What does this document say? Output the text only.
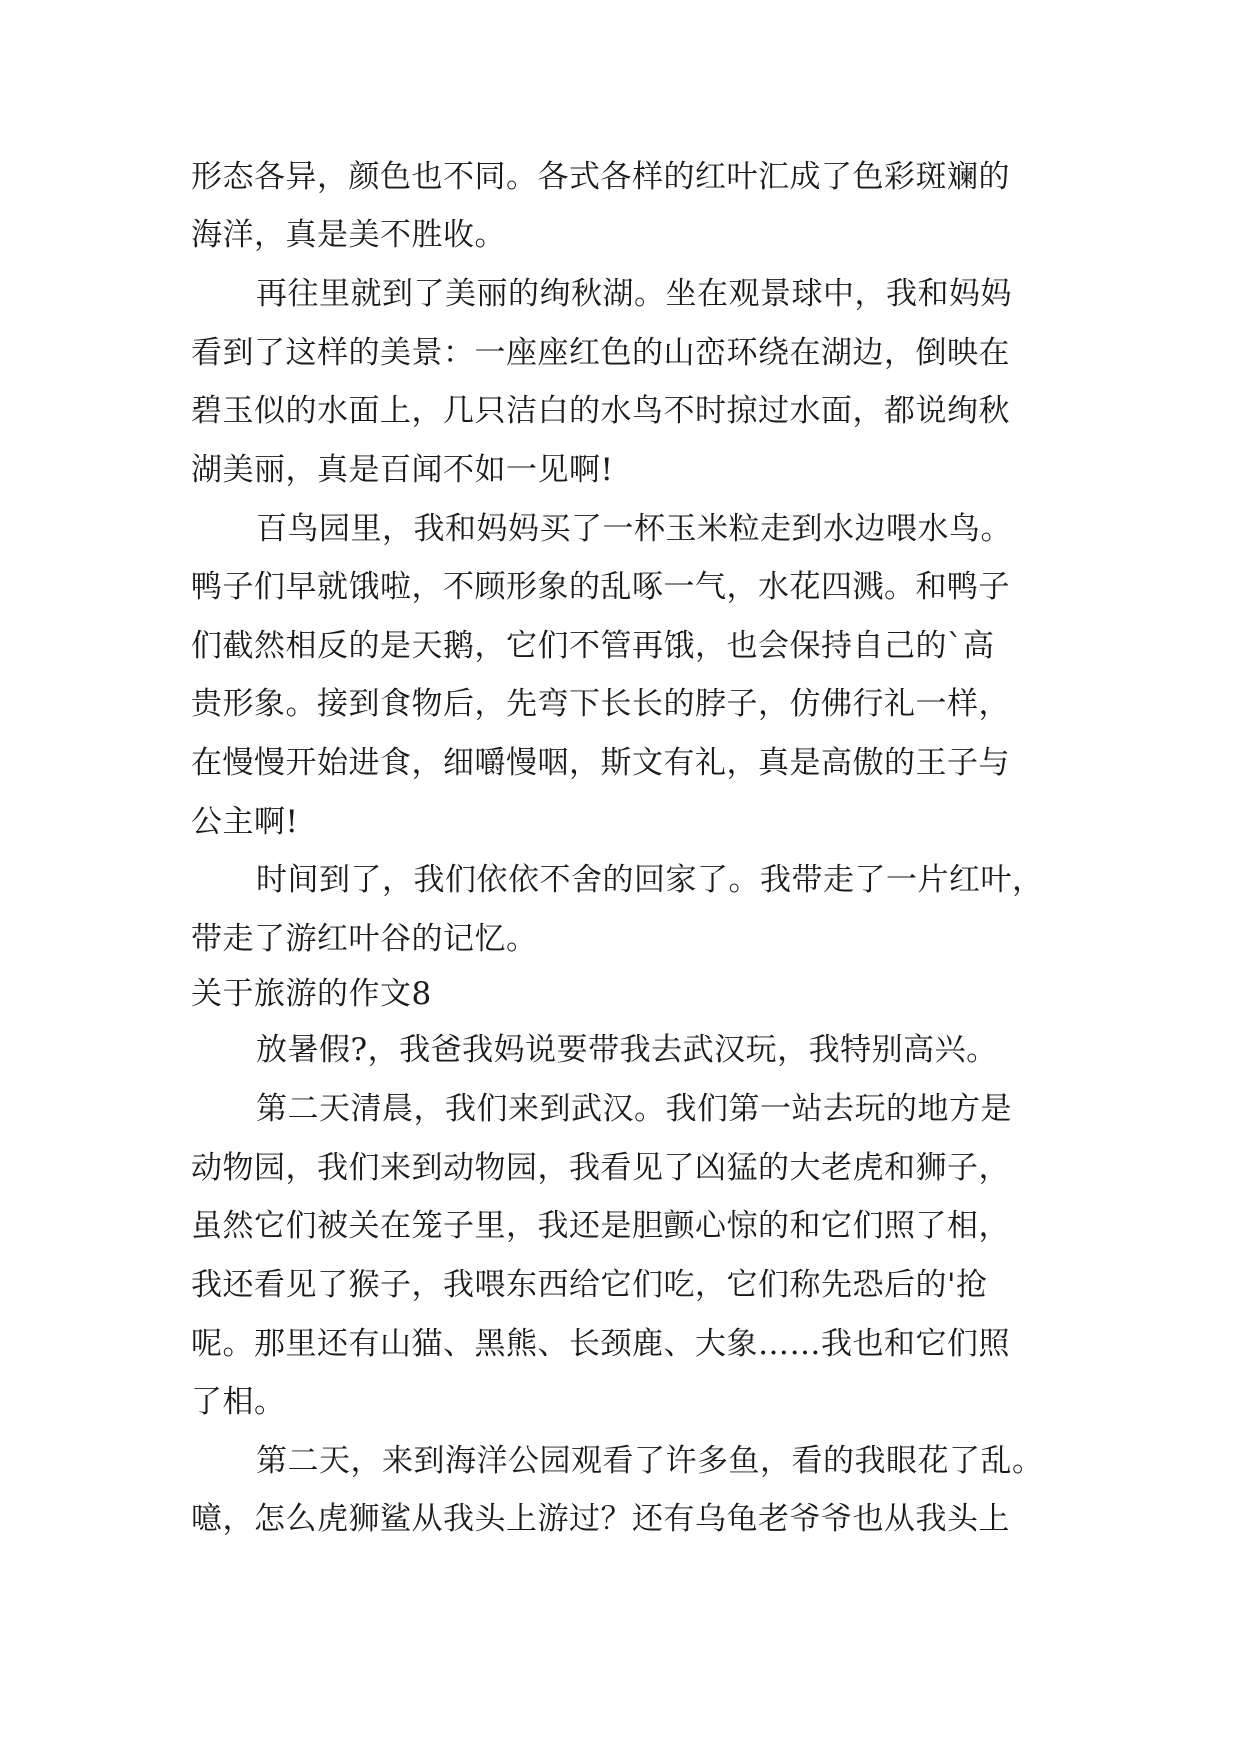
形态各异，颜色也不同。各式各样的红叶汇成了色彩斑斓的
海洋，真是美不胜收。
再往里就到了美丽的绚秋湖。坐在观景球中，我和妈妈
看到了这样的美景：一座座红色的山峦环绕在湖边，倒映在
碧玉似的水面上，几只洁白的水鸟不时掠过水面，都说绚秋
湖美丽，真是百闻不如一见啊!
百鸟园里，我和妈妈买了一杯玉米粒走到水边喂水鸟。
鸭子们早就饿啦，不顾形象的乱啄一气，水花四溅。和鸭子
们截然相反的是天鹅，它们不管再饿，也会保持自己的`高
贵形象。接到食物后，先弯下长长的脖子，仿佛行礼一样，
在慢慢开始进食，细嚼慢咽，斯文有礼，真是高傲的王子与
公主啊!
时间到了，我们依依不舍的回家了。我带走了一片红叶，
带走了游红叶谷的记忆。
关于旅游的作文8
放暑假?，我爸我妈说要带我去武汉玩，我特别高兴。
第二天清晨，我们来到武汉。我们第一站去玩的地方是
动物园，我们来到动物园，我看见了凶猛的大老虎和狮子，
虽然它们被关在笼子里，我还是胆颤心惊的和它们照了相，
我还看见了猴子，我喂东西给它们吃，它们称先恐后的'抢
呢。那里还有山猫、黑熊、长颈鹿、大象……我也和它们照
了相。
第二天，来到海洋公园观看了许多鱼，看的我眼花了乱。
噫，怎么虎狮鲨从我头上游过？还有乌龟老爷爷也从我头上
